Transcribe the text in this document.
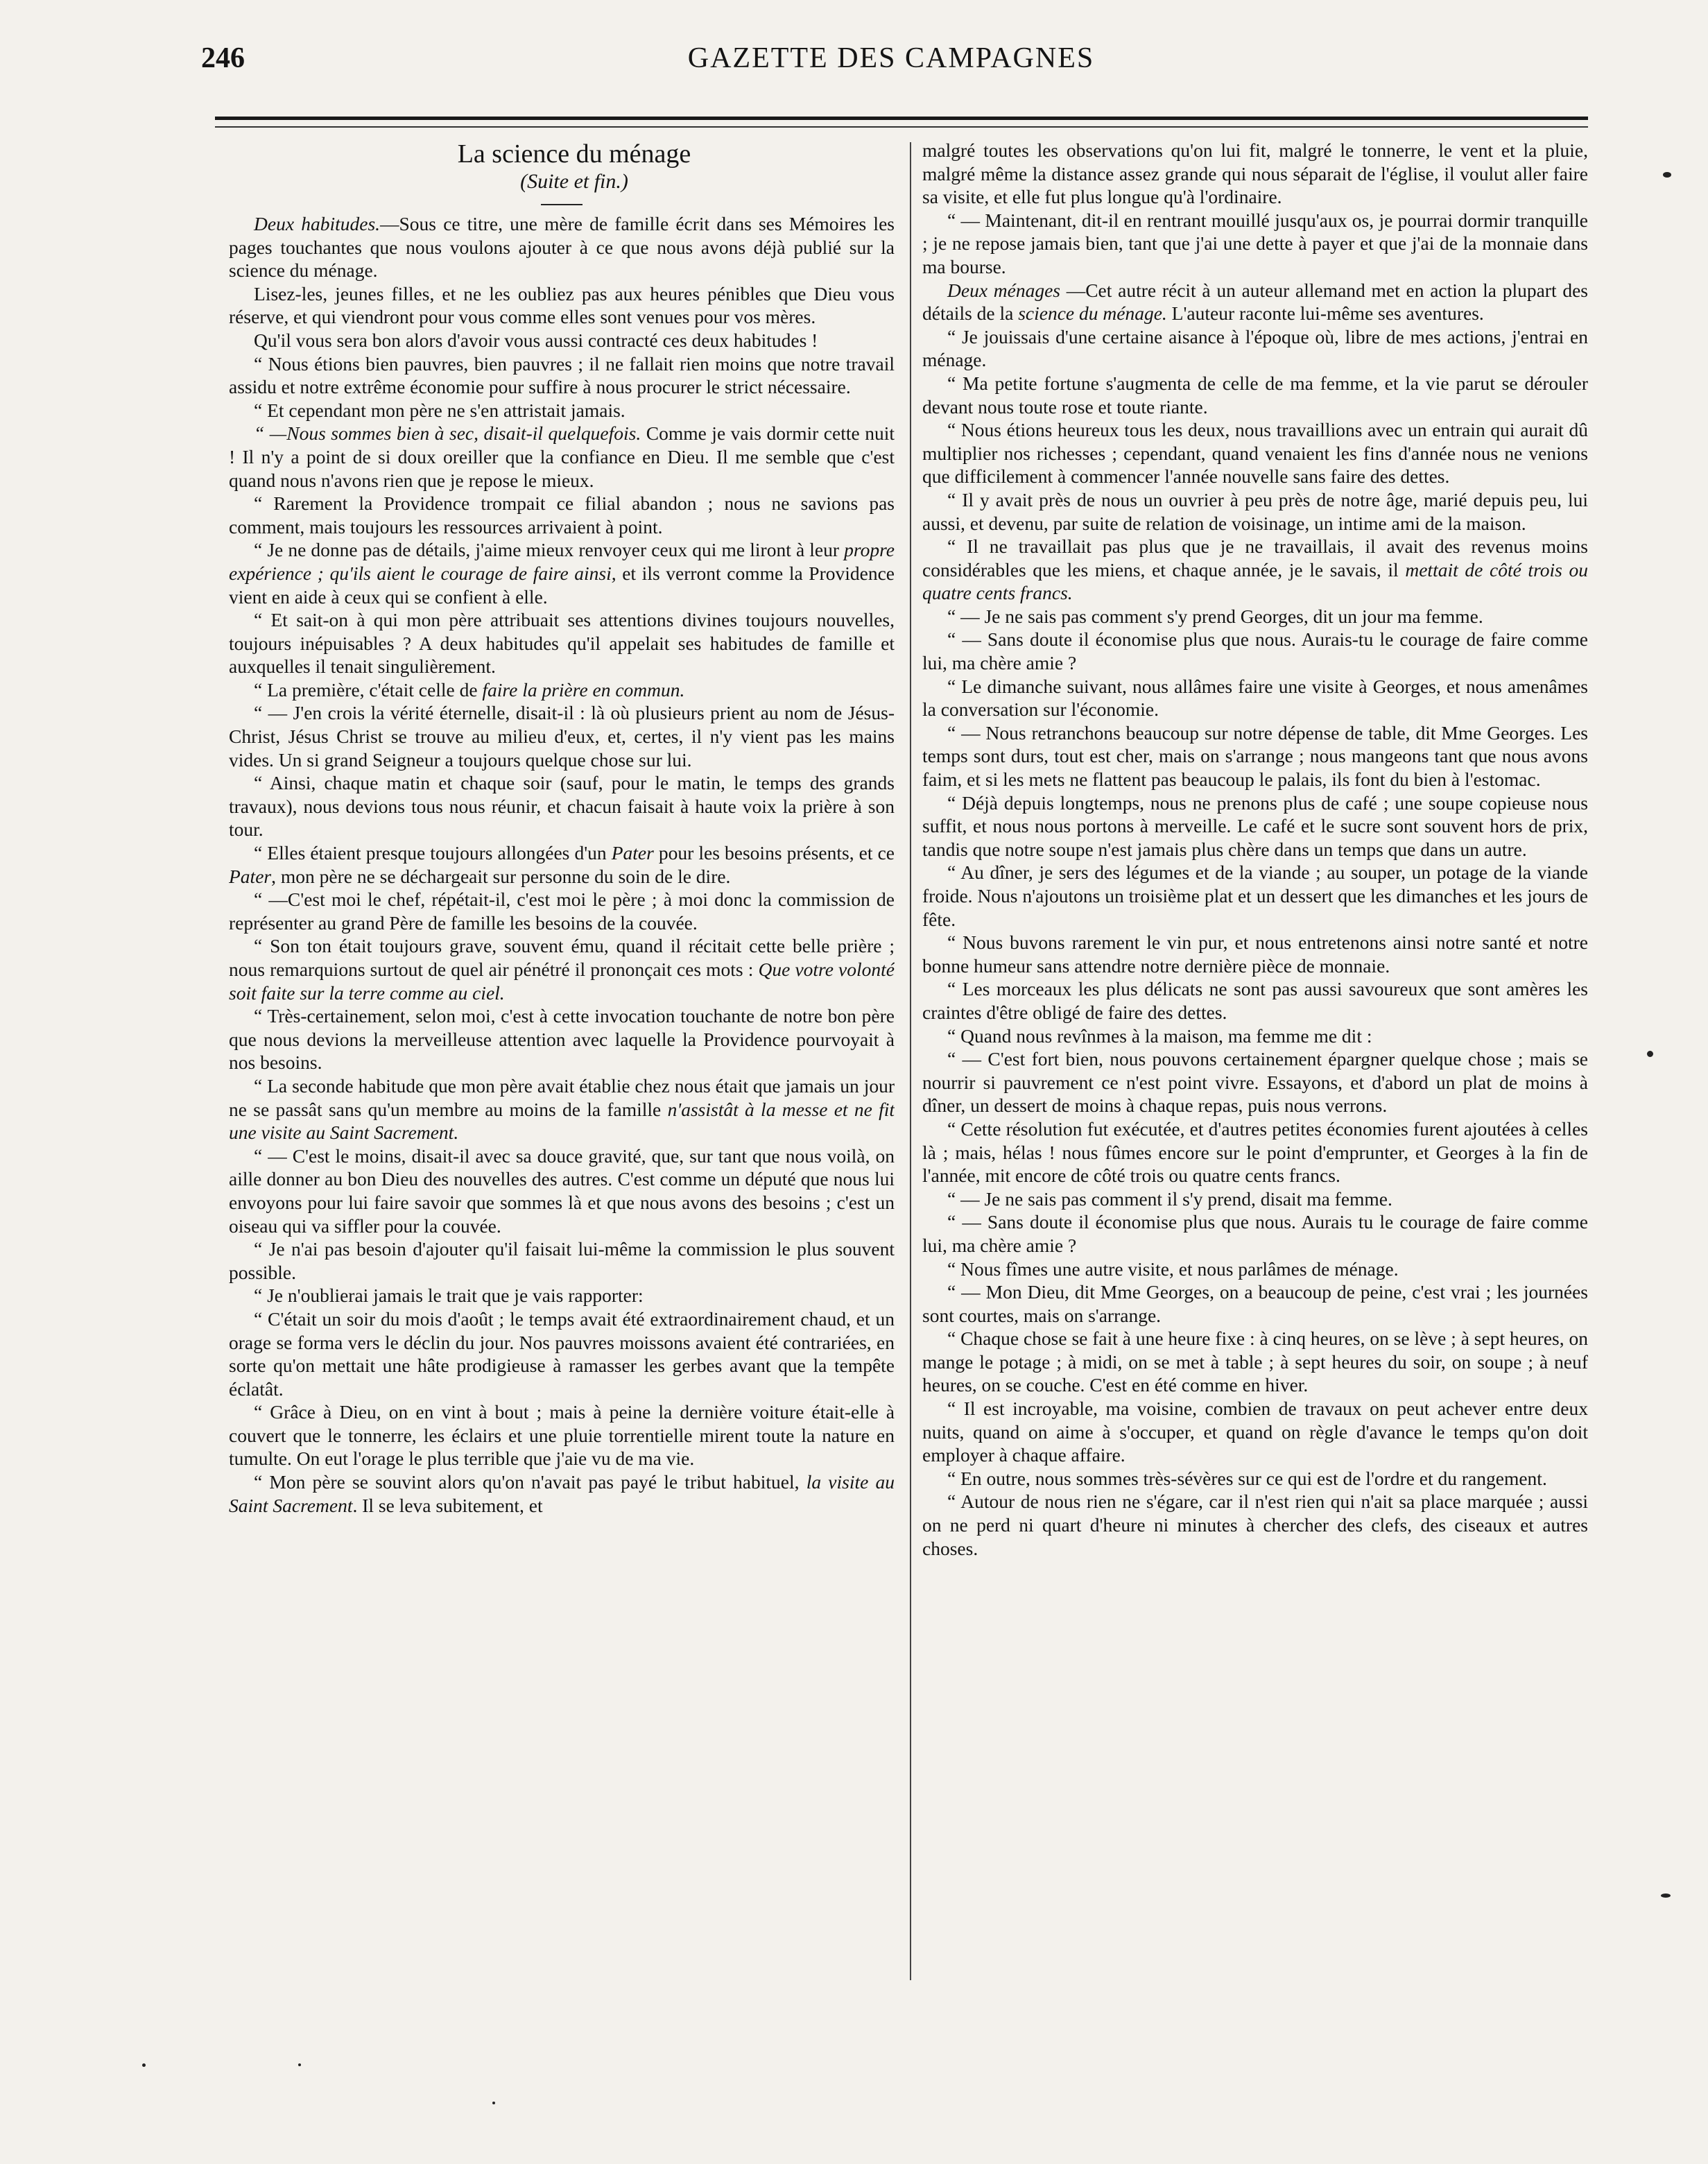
246	GAZETTE DES CAMPAGNES

La science du ménage

(Suite et fin.)

Deux habitudes.—Sous ce titre, une mère de famille écrit dans ses Mémoires les pages touchantes que nous voulons ajouter à ce que nous avons déjà publié sur la science du ménage.

Lisez-les, jeunes filles, et ne les oubliez pas aux heures pénibles que Dieu vous réserve, et qui viendront pour vous comme elles sont venues pour vos mères.

Qu'il vous sera bon alors d'avoir vous aussi contracté ces deux habitudes !

“ Nous étions bien pauvres, bien pauvres ; il ne fallait rien moins que notre travail assidu et notre extrême économie pour suffire à nous procurer le strict nécessaire.

“ Et cependant mon père ne s'en attristait jamais.

“ —Nous sommes bien à sec, disait-il quelquefois. Comme je vais dormir cette nuit ! Il n'y a point de si doux oreiller que la confiance en Dieu. Il me semble que c'est quand nous n'avons rien que je repose le mieux.

“ Rarement la Providence trompait ce filial abandon ; nous ne savions pas comment, mais toujours les ressources arrivaient à point.

“ Je ne donne pas de détails, j'aime mieux renvoyer ceux qui me liront à leur propre expérience ; qu'ils aient le courage de faire ainsi, et ils verront comme la Providence vient en aide à ceux qui se confient à elle.

“ Et sait-on à qui mon père attribuait ses attentions divines toujours nouvelles, toujours inépuisables ? A deux habitudes qu'il appelait ses habitudes de famille et auxquelles il tenait singulièrement.

“ La première, c'était celle de faire la prière en commun.

“ — J'en crois la vérité éternelle, disait-il : là où plusieurs prient au nom de Jésus-Christ, Jésus Christ se trouve au milieu d'eux, et, certes, il n'y vient pas les mains vides. Un si grand Seigneur a toujours quelque chose sur lui.

“ Ainsi, chaque matin et chaque soir (sauf, pour le matin, le temps des grands travaux), nous devions tous nous réunir, et chacun faisait à haute voix la prière à son tour.

“ Elles étaient presque toujours allongées d'un Pater pour les besoins présents, et ce Pater, mon père ne se déchargeait sur personne du soin de le dire.

“ —C'est moi le chef, répétait-il, c'est moi le père ; à moi donc la commission de représenter au grand Père de famille les besoins de la couvée.

“ Son ton était toujours grave, souvent ému, quand il récitait cette belle prière ; nous remarquions surtout de quel air pénétré il prononçait ces mots : Que votre volonté soit faite sur la terre comme au ciel.

“ Très-certainement, selon moi, c'est à cette invocation touchante de notre bon père que nous devions la merveilleuse attention avec laquelle la Providence pourvoyait à nos besoins.

“ La seconde habitude que mon père avait établie chez nous était que jamais un jour ne se passât sans qu'un membre au moins de la famille n'assistât à la messe et ne fit une visite au Saint Sacrement.

“ — C'est le moins, disait-il avec sa douce gravité, que, sur tant que nous voilà, on aille donner au bon Dieu des nouvelles des autres. C'est comme un député que nous lui envoyons pour lui faire savoir que sommes là et que nous avons des besoins ; c'est un oiseau qui va siffler pour la couvée.

“ Je n'ai pas besoin d'ajouter qu'il faisait lui-même la commission le plus souvent possible.

“ Je n'oublierai jamais le trait que je vais rapporter:

“ C'était un soir du mois d'août ; le temps avait été extraordinairement chaud, et un orage se forma vers le déclin du jour. Nos pauvres moissons avaient été contrariées, en sorte qu'on mettait une hâte prodigieuse à ramasser les gerbes avant que la tempête éclatât.

“ Grâce à Dieu, on en vint à bout ; mais à peine la dernière voiture était-elle à couvert que le tonnerre, les éclairs et une pluie torrentielle mirent toute la nature en tumulte. On eut l'orage le plus terrible que j'aie vu de ma vie.

“ Mon père se souvint alors qu'on n'avait pas payé le tribut habituel, la visite au Saint Sacrement. Il se leva subitement, et

malgré toutes les observations qu'on lui fit, malgré le tonnerre, le vent et la pluie, malgré même la distance assez grande qui nous séparait de l'église, il voulut aller faire sa visite, et elle fut plus longue qu'à l'ordinaire.

“ — Maintenant, dit-il en rentrant mouillé jusqu'aux os, je pourrai dormir tranquille ; je ne repose jamais bien, tant que j'ai une dette à payer et que j'ai de la monnaie dans ma bourse.

Deux ménages —Cet autre récit à un auteur allemand met en action la plupart des détails de la science du ménage. L'auteur raconte lui-même ses aventures.

“ Je jouissais d'une certaine aisance à l'époque où, libre de mes actions, j'entrai en ménage.

“ Ma petite fortune s'augmenta de celle de ma femme, et la vie parut se dérouler devant nous toute rose et toute riante.

“ Nous étions heureux tous les deux, nous travaillions avec un entrain qui aurait dû multiplier nos richesses ; cependant, quand venaient les fins d'année nous ne venions que difficilement à commencer l'année nouvelle sans faire des dettes.

“ Il y avait près de nous un ouvrier à peu près de notre âge, marié depuis peu, lui aussi, et devenu, par suite de relation de voisinage, un intime ami de la maison.

“ Il ne travaillait pas plus que je ne travaillais, il avait des revenus moins considérables que les miens, et chaque année, je le savais, il mettait de côté trois ou quatre cents francs.

“ — Je ne sais pas comment s'y prend Georges, dit un jour ma femme.

“ — Sans doute il économise plus que nous. Aurais-tu le courage de faire comme lui, ma chère amie ?

“ Le dimanche suivant, nous allâmes faire une visite à Georges, et nous amenâmes la conversation sur l'économie.

“ — Nous retranchons beaucoup sur notre dépense de table, dit Mme Georges. Les temps sont durs, tout est cher, mais on s'arrange ; nous mangeons tant que nous avons faim, et si les mets ne flattent pas beaucoup le palais, ils font du bien à l'estomac.

“ Déjà depuis longtemps, nous ne prenons plus de café ; une soupe copieuse nous suffit, et nous nous portons à merveille. Le café et le sucre sont souvent hors de prix, tandis que notre soupe n'est jamais plus chère dans un temps que dans un autre.

“ Au dîner, je sers des légumes et de la viande ; au souper, un potage de la viande froide. Nous n'ajoutons un troisième plat et un dessert que les dimanches et les jours de fête.

“ Nous buvons rarement le vin pur, et nous entretenons ainsi notre santé et notre bonne humeur sans attendre notre dernière pièce de monnaie.

“ Les morceaux les plus délicats ne sont pas aussi savoureux que sont amères les craintes d'être obligé de faire des dettes.

“ Quand nous revînmes à la maison, ma femme me dit :

“ — C'est fort bien, nous pouvons certainement épargner quelque chose ; mais se nourrir si pauvrement ce n'est point vivre. Essayons, et d'abord un plat de moins à dîner, un dessert de moins à chaque repas, puis nous verrons.

“ Cette résolution fut exécutée, et d'autres petites économies furent ajoutées à celles là ; mais, hélas ! nous fûmes encore sur le point d'emprunter, et Georges à la fin de l'année, mit encore de côté trois ou quatre cents francs.

“ — Je ne sais pas comment il s'y prend, disait ma femme.

“ — Sans doute il économise plus que nous. Aurais tu le courage de faire comme lui, ma chère amie ?

“ Nous fîmes une autre visite, et nous parlâmes de ménage.

“ — Mon Dieu, dit Mme Georges, on a beaucoup de peine, c'est vrai ; les journées sont courtes, mais on s'arrange.

“ Chaque chose se fait à une heure fixe : à cinq heures, on se lève ; à sept heures, on mange le potage ; à midi, on se met à table ; à sept heures du soir, on soupe ; à neuf heures, on se couche. C'est en été comme en hiver.

“ Il est incroyable, ma voisine, combien de travaux on peut achever entre deux nuits, quand on aime à s'occuper, et quand on règle d'avance le temps qu'on doit employer à chaque affaire.

“ En outre, nous sommes très-sévères sur ce qui est de l'ordre et du rangement.

“ Autour de nous rien ne s'égare, car il n'est rien qui n'ait sa place marquée ; aussi on ne perd ni quart d'heure ni minutes à chercher des clefs, des ciseaux et autres choses.
